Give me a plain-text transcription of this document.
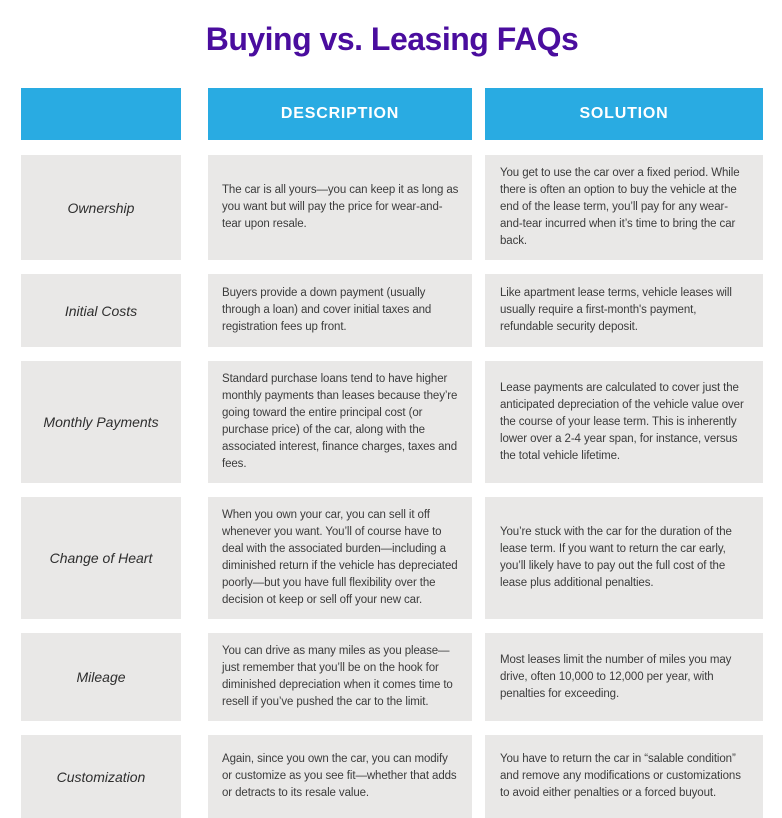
Buying vs. Leasing FAQs
DESCRIPTION	SOLUTION
Ownership
The car is all yours—you can keep it as long as you want but will pay the price for wear-and-tear upon resale.
You get to use the car over a fixed period. While there is often an option to buy the vehicle at the end of the lease term, you’ll pay for any wear-and-tear incurred when it’s time to bring the car back.
Initial Costs
Buyers provide a down payment (usually through a loan) and cover initial taxes and registration fees up front.
Like apartment lease terms, vehicle leases will usually require a first-month's payment, refundable security deposit.
Monthly Payments
Standard purchase loans tend to have higher monthly payments than leases because they’re going toward the entire principal cost (or purchase price) of the car, along with the associated interest, finance charges, taxes and fees.
Lease payments are calculated to cover just the anticipated depreciation of the vehicle value over the course of your lease term. This is inherently lower over a 2-4 year span, for instance, versus the total vehicle lifetime.
Change of Heart
When you own your car, you can sell it off whenever you want. You’ll of course have to deal with the associated burden—including a diminished return if the vehicle has depreciated poorly—but you have full flexibility over the decision ot keep or sell off your new car.
You’re stuck with the car for the duration of the lease term. If you want to return the car early, you’ll likely have to pay out the full cost of the lease plus additional penalties.
Mileage
You can drive as many miles as you please—just remember that you’ll be on the hook for diminished depreciation when it comes time to resell if you’ve pushed the car to the limit.
Most leases limit the number of miles you may drive, often 10,000 to 12,000 per year, with penalties for exceeding.
Customization
Again, since you own the car, you can modify or customize as you see fit—whether that adds or detracts to its resale value.
You have to return the car in “salable condition” and remove any modifications or customizations to avoid either penalties or a forced buyout.
